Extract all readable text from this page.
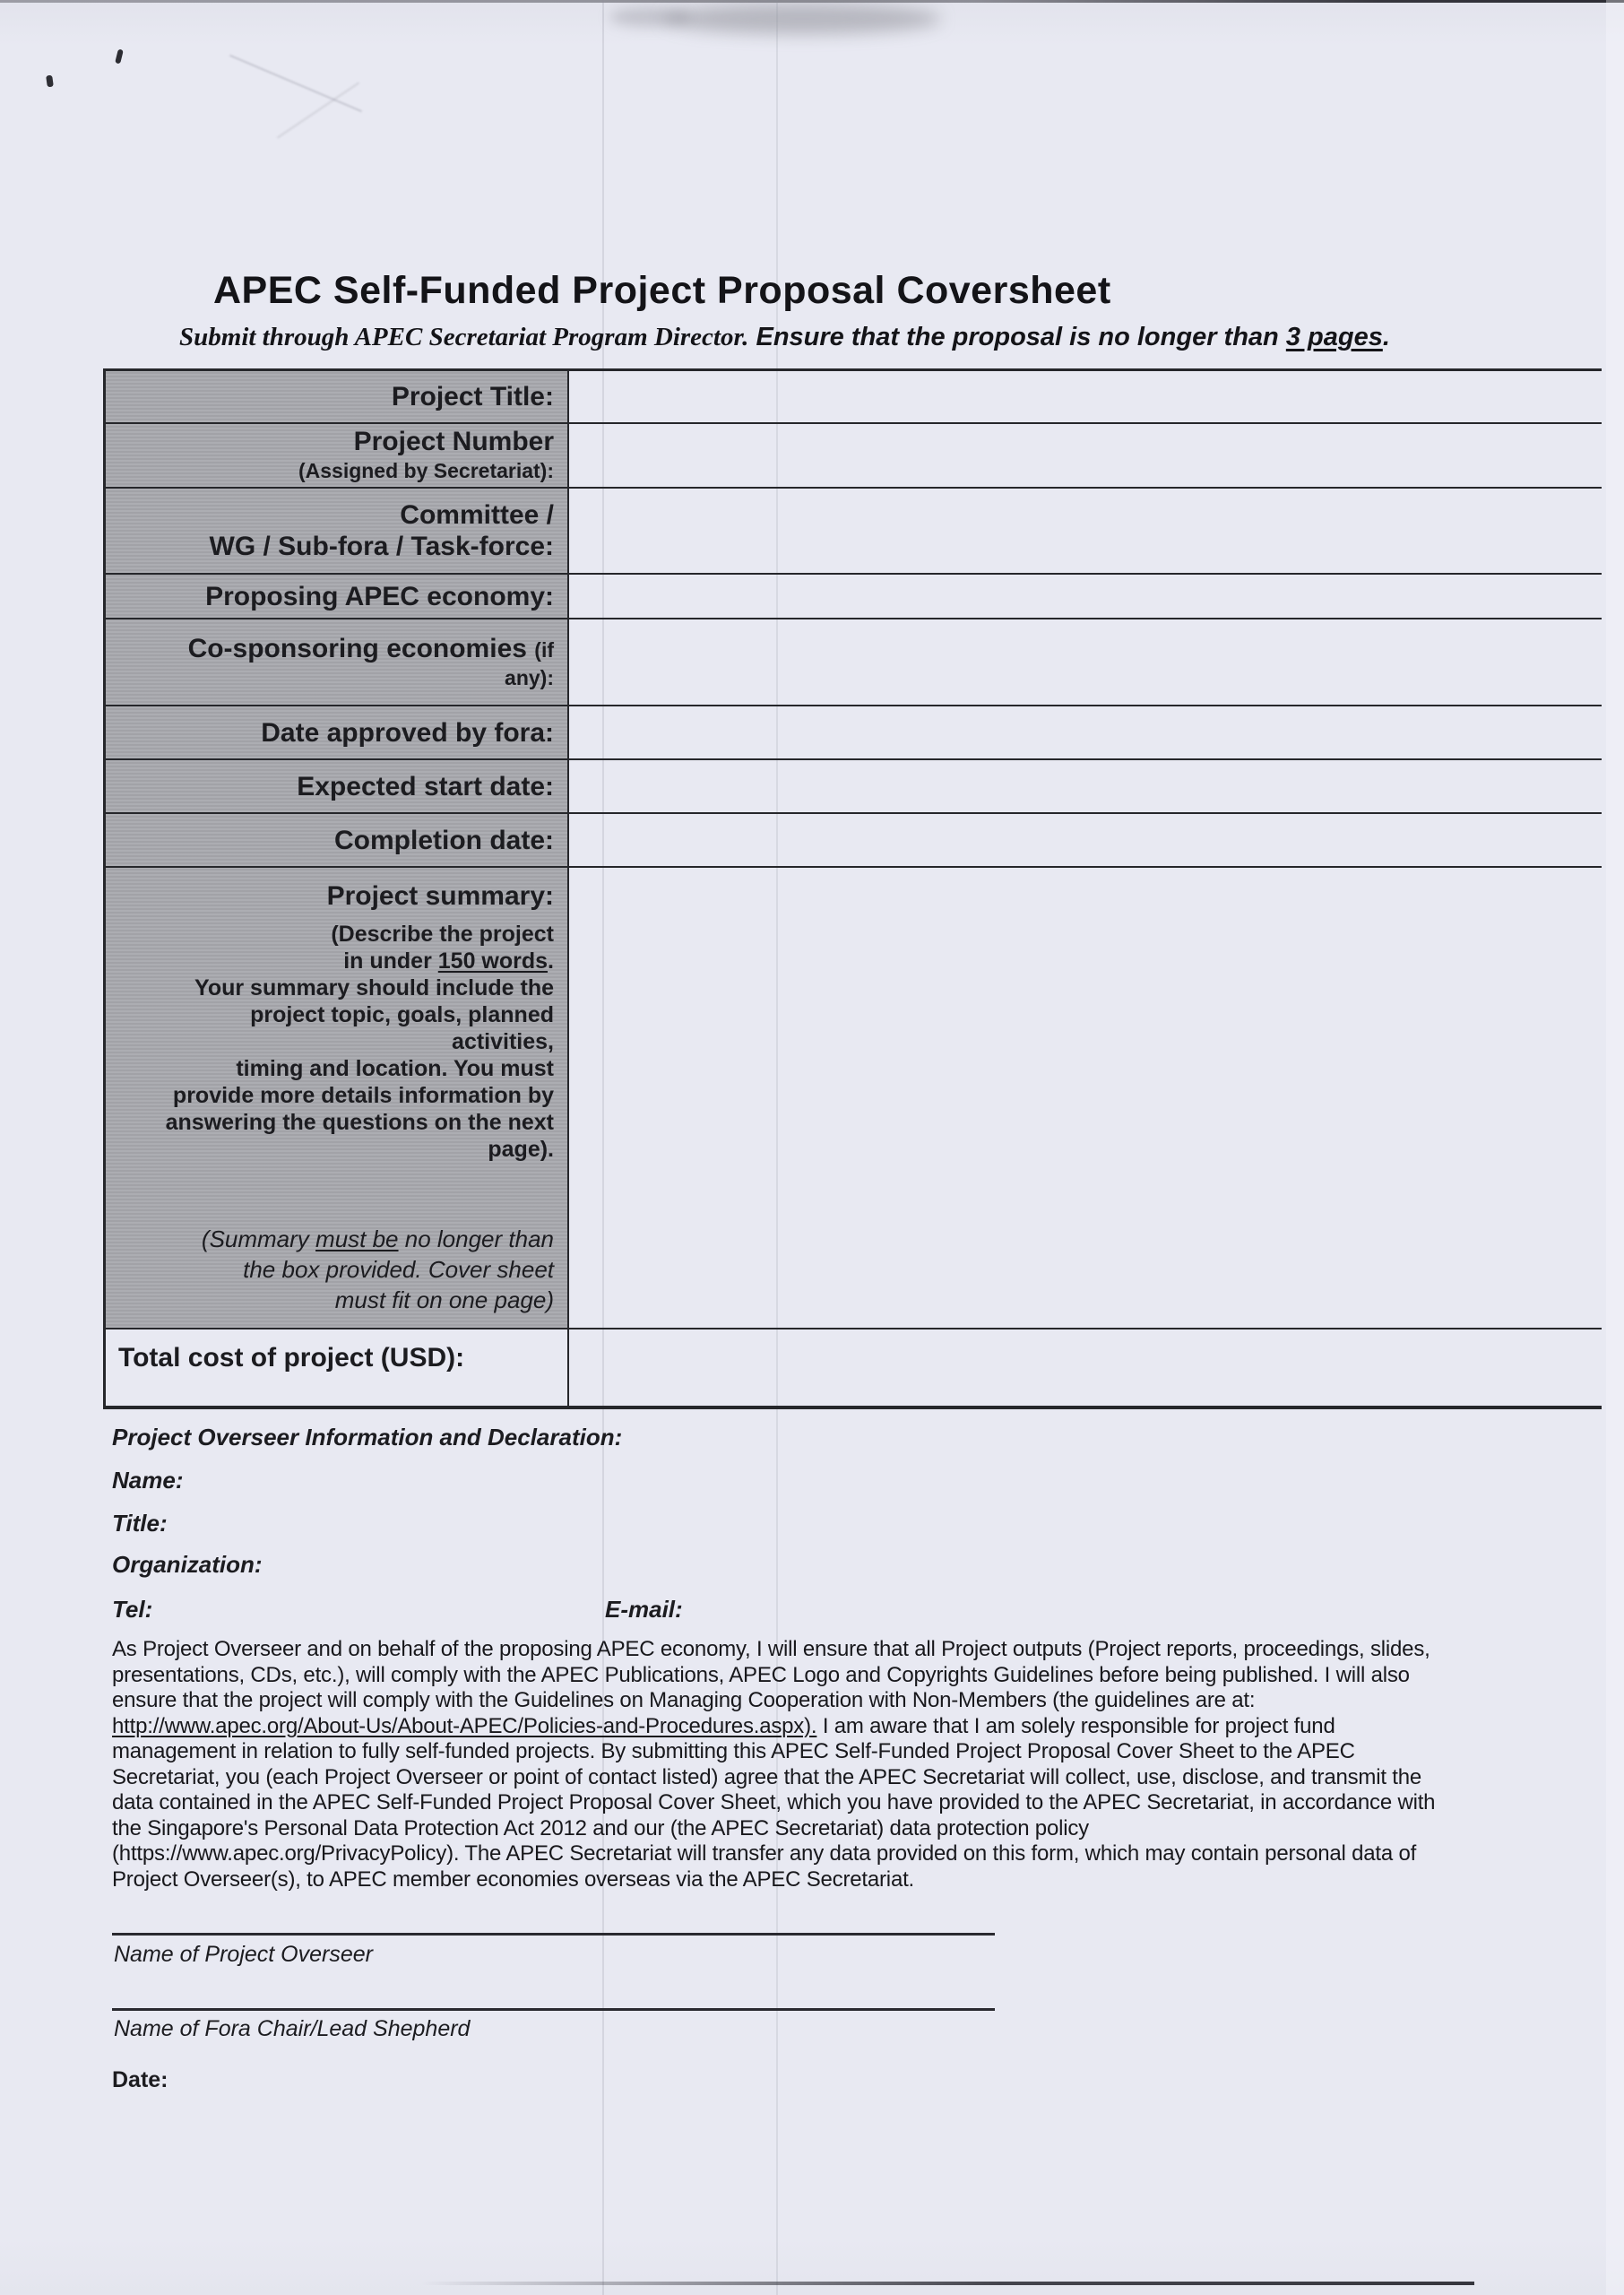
APEC Self-Funded Project Proposal Coversheet
Submit through APEC Secretariat Program Director. Ensure that the proposal is no longer than 3 pages.
Project Title:
Project Number
(Assigned by Secretariat):
Committee /
WG / Sub-fora / Task-force:
Proposing APEC economy:
Co-sponsoring economies (if
any):
Date approved by fora:
Expected start date:
Completion date:
Project summary:
(Describe the project
in under 150 words.
Your summary should include the
project topic, goals, planned
activities,
timing and location. You must
provide more details information by
answering the questions on the next
page).
(Summary must be no longer than
the box provided. Cover sheet
must fit on one page)
Total cost of project (USD):
Project Overseer Information and Declaration:
Name:
Title:
Organization:
Tel:	E-mail:
As Project Overseer and on behalf of the proposing APEC economy, I will ensure that all Project outputs (Project reports, proceedings, slides,
presentations, CDs, etc.), will comply with the APEC Publications, APEC Logo and Copyrights Guidelines before being published. I will also
ensure that the project will comply with the Guidelines on Managing Cooperation with Non-Members (the guidelines are at:
http://www.apec.org/About-Us/About-APEC/Policies-and-Procedures.aspx). I am aware that I am solely responsible for project fund
management in relation to fully self-funded projects. By submitting this APEC Self-Funded Project Proposal Cover Sheet to the APEC
Secretariat, you (each Project Overseer or point of contact listed) agree that the APEC Secretariat will collect, use, disclose, and transmit the
data contained in the APEC Self-Funded Project Proposal Cover Sheet, which you have provided to the APEC Secretariat, in accordance with
the Singapore's Personal Data Protection Act 2012 and our (the APEC Secretariat) data protection policy
(https://www.apec.org/PrivacyPolicy). The APEC Secretariat will transfer any data provided on this form, which may contain personal data of
Project Overseer(s), to APEC member economies overseas via the APEC Secretariat.
Name of Project Overseer
Name of Fora Chair/Lead Shepherd
Date:
